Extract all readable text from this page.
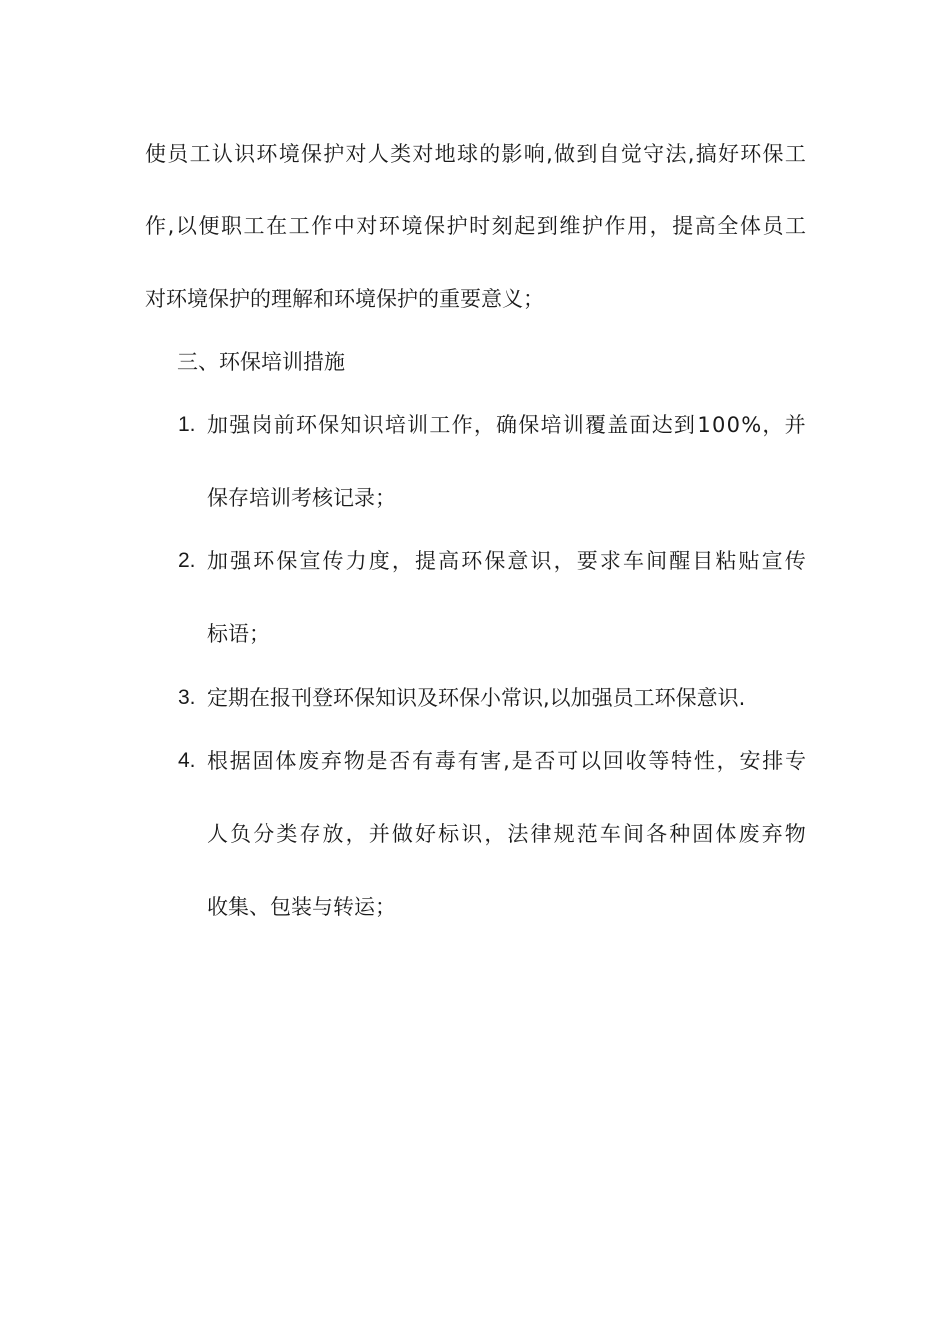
使 员 工 认 识 环 境 保 护 对 人 类 对 地 球 的 影 响 , 做 到 自 觉 守 法 , 搞 好 环 保 工
作 , 以 便 职 工 在 工 作 中 对 环 境 保 护 时 刻 起 到 维 护 作 用 ， 提 高 全 体 员 工
对环境保护的理解和环境保护的重要意义；
三、环保培训措施
1. 加 强 岗 前 环 保 知 识 培 训 工 作 ， 确 保 培 训 覆 盖 面 达 到 1 0 0 % ， 并
保存培训考核记录；
2. 加 强 环 保 宣 传 力 度 ， 提 高 环 保 意 识 ， 要 求 车 间 醒 目 粘 贴 宣 传
标语；
3. 定期在报刊登环保知识及环保小常识,以加强员工环保意识.
4. 根 据 固 体 废 弃 物 是 否 有 毒 有 害 , 是 否 可 以 回 收 等 特 性 ， 安 排 专
人 负 分 类 存 放 ， 并 做 好 标 识 ， 法 律 规 范 车 间 各 种 固 体 废 弃 物
收集、包装与转运；
